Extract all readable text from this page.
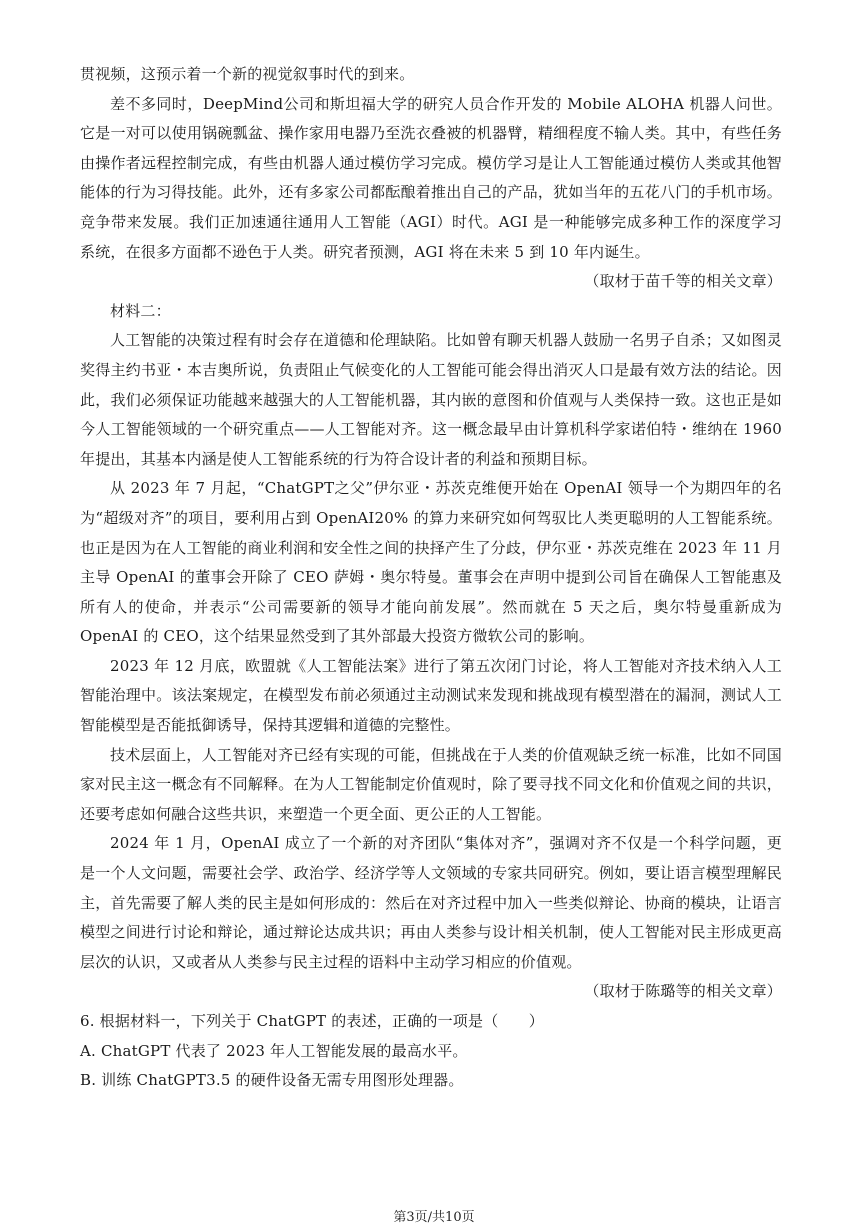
贯视频，这预示着一个新的视觉叙事时代的到来。

差不多同时，DeepMind公司和斯坦福大学的研究人员合作开发的 Mobile ALOHA 机器人问世。它是一对可以使用锅碗瓢盆、操作家用电器乃至洗衣叠被的机器臂，精细程度不输人类。其中，有些任务由操作者远程控制完成，有些由机器人通过模仿学习完成。模仿学习是让人工智能通过模仿人类或其他智能体的行为习得技能。此外，还有多家公司都酝酿着推出自己的产品，犹如当年的五花八门的手机市场。竞争带来发展。我们正加速通往通用人工智能（AGI）时代。AGI 是一种能够完成多种工作的深度学习系统，在很多方面都不逊色于人类。研究者预测，AGI 将在未来 5 到 10 年内诞生。

（取材于苗千等的相关文章）

材料二：

人工智能的决策过程有时会存在道德和伦理缺陷。比如曾有聊天机器人鼓励一名男子自杀；又如图灵奖得主约书亚・本吉奥所说，负责阻止气候变化的人工智能可能会得出消灭人口是最有效方法的结论。因此，我们必须保证功能越来越强大的人工智能机器，其内嵌的意图和价值观与人类保持一致。这也正是如今人工智能领域的一个研究重点——人工智能对齐。这一概念最早由计算机科学家诺伯特・维纳在 1960 年提出，其基本内涵是使人工智能系统的行为符合设计者的利益和预期目标。

从 2023 年 7 月起，“ChatGPT之父”伊尔亚・苏茨克维便开始在 OpenAI 领导一个为期四年的名为“超级对齐”的项目，要利用占到 OpenAI20% 的算力来研究如何驾驭比人类更聪明的人工智能系统。也正是因为在人工智能的商业利润和安全性之间的抉择产生了分歧，伊尔亚・苏茨克维在 2023 年 11 月主导 OpenAI 的董事会开除了 CEO 萨姆・奥尔特曼。董事会在声明中提到公司旨在确保人工智能惠及所有人的使命，并表示“公司需要新的领导才能向前发展”。然而就在 5 天之后，奥尔特曼重新成为 OpenAI 的 CEO，这个结果显然受到了其外部最大投资方微软公司的影响。

2023 年 12 月底，欧盟就《人工智能法案》进行了第五次闭门讨论，将人工智能对齐技术纳入人工智能治理中。该法案规定，在模型发布前必须通过主动测试来发现和挑战现有模型潜在的漏洞，测试人工智能模型是否能抵御诱导，保持其逻辑和道德的完整性。

技术层面上，人工智能对齐已经有实现的可能，但挑战在于人类的价值观缺乏统一标准，比如不同国家对民主这一概念有不同解释。在为人工智能制定价值观时，除了要寻找不同文化和价值观之间的共识，还要考虑如何融合这些共识，来塑造一个更全面、更公正的人工智能。

2024 年 1 月，OpenAI 成立了一个新的对齐团队“集体对齐”，强调对齐不仅是一个科学问题，更是一个人文问题，需要社会学、政治学、经济学等人文领域的专家共同研究。例如，要让语言模型理解民主，首先需要了解人类的民主是如何形成的：然后在对齐过程中加入一些类似辩论、协商的模块，让语言模型之间进行讨论和辩论，通过辩论达成共识；再由人类参与设计相关机制，使人工智能对民主形成更高层次的认识，又或者从人类参与民主过程的语料中主动学习相应的价值观。

（取材于陈璐等的相关文章）

6. 根据材料一，下列关于 ChatGPT 的表述，正确的一项是（　　）

A. ChatGPT 代表了 2023 年人工智能发展的最高水平。

B. 训练 ChatGPT3.5 的硬件设备无需专用图形处理器。

第3页/共10页
